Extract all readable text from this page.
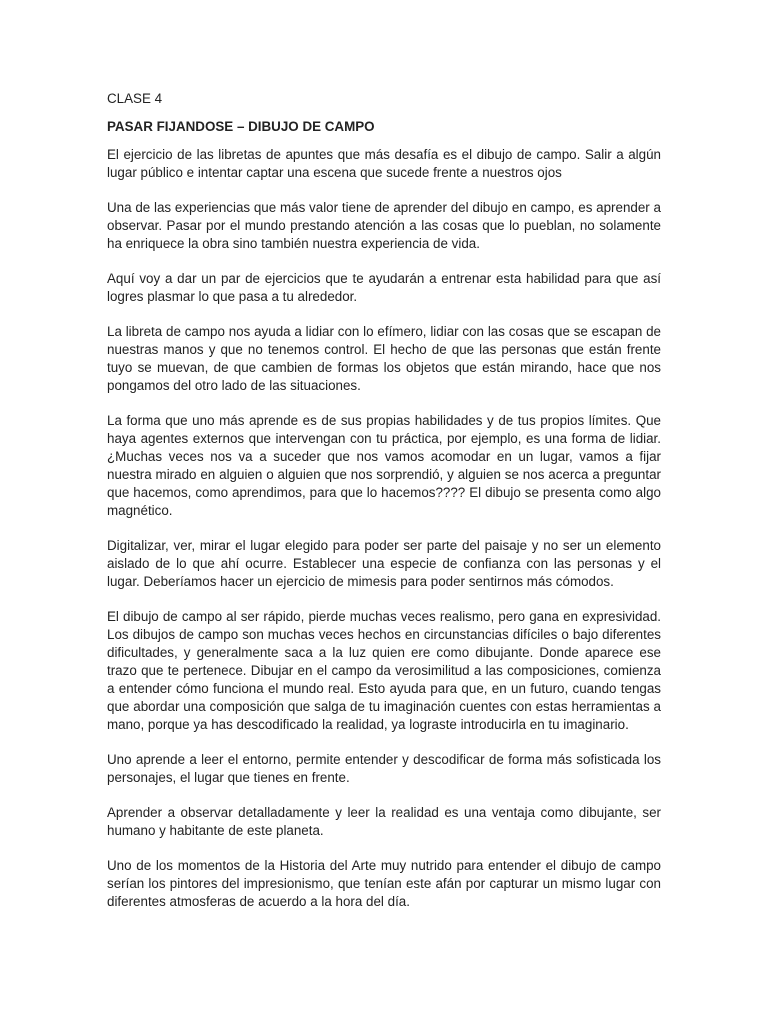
CLASE 4

PASAR FIJANDOSE – DIBUJO DE CAMPO

El ejercicio de las libretas de apuntes que más desafía es el dibujo de campo. Salir a algún lugar público e intentar captar una escena que sucede frente a nuestros ojos

Una de las experiencias que más valor tiene de aprender del dibujo en campo, es aprender a observar. Pasar por el mundo prestando atención a las cosas que lo pueblan, no solamente ha enriquece la obra sino también nuestra experiencia de vida.

Aquí voy a dar un par de ejercicios que te ayudarán a entrenar esta habilidad para que así logres plasmar lo que pasa a tu alrededor.

La libreta de campo nos ayuda a lidiar con lo efímero, lidiar con las cosas que se escapan de nuestras manos y que no tenemos control. El hecho de que las personas que están frente tuyo se muevan, de que cambien de formas los objetos que están mirando, hace que nos pongamos del otro lado de las situaciones.

La forma que uno más aprende es de sus propias habilidades y de tus propios límites. Que haya agentes externos que intervengan con tu práctica, por ejemplo, es una forma de lidiar. ¿Muchas veces nos va a suceder que nos vamos acomodar en un lugar, vamos a fijar nuestra mirado en alguien o alguien que nos sorprendió, y alguien se nos acerca a preguntar que hacemos, como aprendimos, para que lo hacemos???? El dibujo se presenta como algo magnético.

Digitalizar, ver, mirar el lugar elegido para poder ser parte del paisaje y no ser un elemento aislado de lo que ahí ocurre. Establecer una especie de confianza con las personas y el lugar. Deberíamos hacer un ejercicio de mimesis para poder sentirnos más cómodos.

El dibujo de campo al ser rápido, pierde muchas veces realismo, pero gana en expresividad. Los dibujos de campo son muchas veces hechos en circunstancias difíciles o bajo diferentes dificultades, y generalmente saca a la luz quien ere como dibujante. Donde aparece ese trazo que te pertenece. Dibujar en el campo da verosimilitud a las composiciones, comienza a entender cómo funciona el mundo real. Esto ayuda para que, en un futuro, cuando tengas que abordar una composición que salga de tu imaginación cuentes con estas herramientas a mano, porque ya has descodificado la realidad, ya lograste introducirla en tu imaginario.

Uno aprende a leer el entorno, permite entender y descodificar de forma más sofisticada los personajes, el lugar que tienes en frente.

Aprender a observar detalladamente y leer la realidad es una ventaja como dibujante, ser humano y habitante de este planeta.

Uno de los momentos de la Historia del Arte muy nutrido para entender el dibujo de campo serían los pintores del impresionismo, que tenían este afán por capturar un mismo lugar con diferentes atmosferas de acuerdo a la hora del día.
